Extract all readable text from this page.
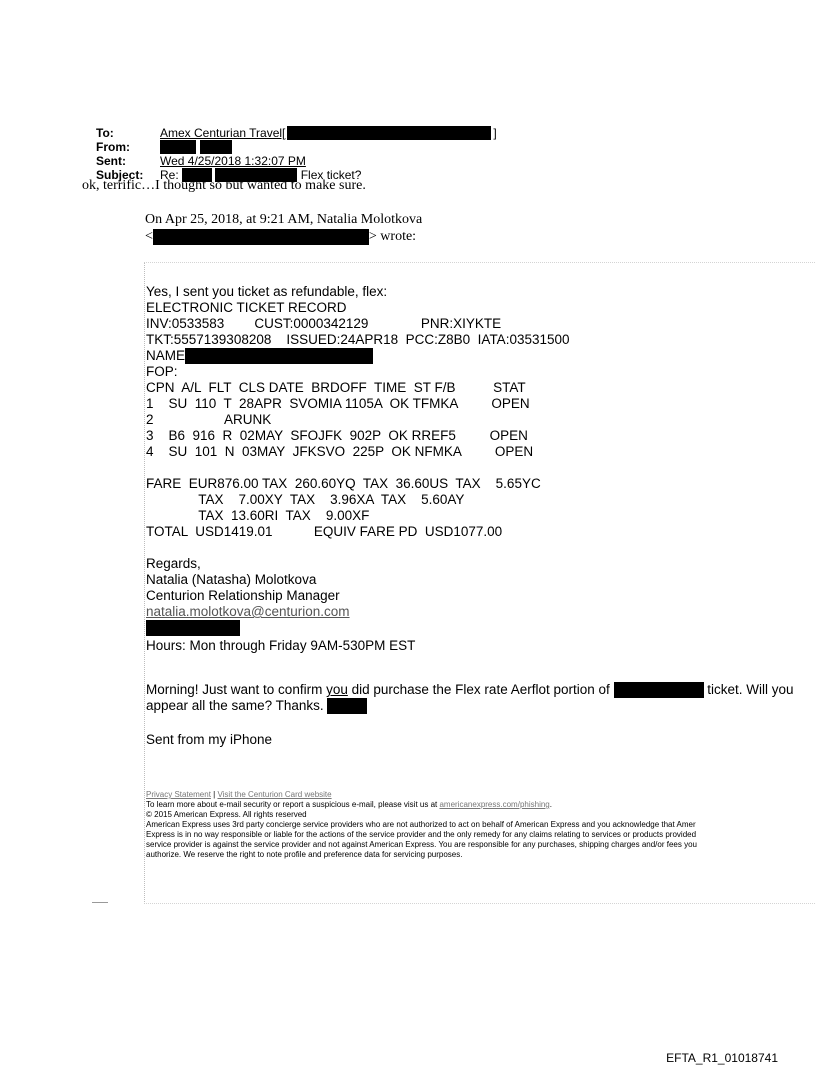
To:	Amex Centurian Travel[	]
From:
Sent:	Wed 4/25/2018 1:32:07 PM
Subject: Re:	Flex ticket?
ok, terrific…I thought so but wanted to make sure.
On Apr 25, 2018, at 9:21 AM, Natalia Molotkova
<	> wrote:
Yes, I sent you ticket as refundable, flex:
ELECTRONIC TICKET RECORD
INV:0533583        CUST:0000342129              PNR:XIYKTE
TKT:5557139308208    ISSUED:24APR18  PCC:Z8B0  IATA:03531500
NAME
FOP:
CPN  A/L  FLT  CLS DATE  BRDOFF  TIME  ST F/B          STAT
1    SU  110  T  28APR  SVOMIA 1105A  OK TFMKA         OPEN
2                   ARUNK
3    B6  916  R  02MAY  SFOJFK  902P  OK RREF5         OPEN
4    SU  101  N  03MAY  JFKSVO  225P  OK NFMKA         OPEN
FARE  EUR876.00 TAX  260.60YQ  TAX  36.60US  TAX    5.65YC
TAX    7.00XY  TAX    3.96XA  TAX    5.60AY
TAX  13.60RI  TAX    9.00XF
TOTAL  USD1419.01           EQUIV FARE PD  USD1077.00
Regards,
Natalia (Natasha) Molotkova
Centurion Relationship Manager
natalia.molotkova@centurion.com
Hours: Mon through Friday 9AM-530PM EST
Morning! Just want to confirm you did purchase the Flex rate Aerflot portion of	ticket. Will you
appear all the same? Thanks.
Sent from my iPhone
Privacy Statement | Visit the Centurion Card website
To learn more about e-mail security or report a suspicious e-mail, please visit us at americanexpress.com/phishing.
© 2015 American Express. All rights reserved
American Express uses 3rd party concierge service providers who are not authorized to act on behalf of American Express and you acknowledge that Amer
Express is in no way responsible or liable for the actions of the service provider and the only remedy for any claims relating to services or products provided
service provider is against the service provider and not against American Express. You are responsible for any purchases, shipping charges and/or fees you
authorize. We reserve the right to note profile and preference data for servicing purposes.
EFTA_R1_01018741
